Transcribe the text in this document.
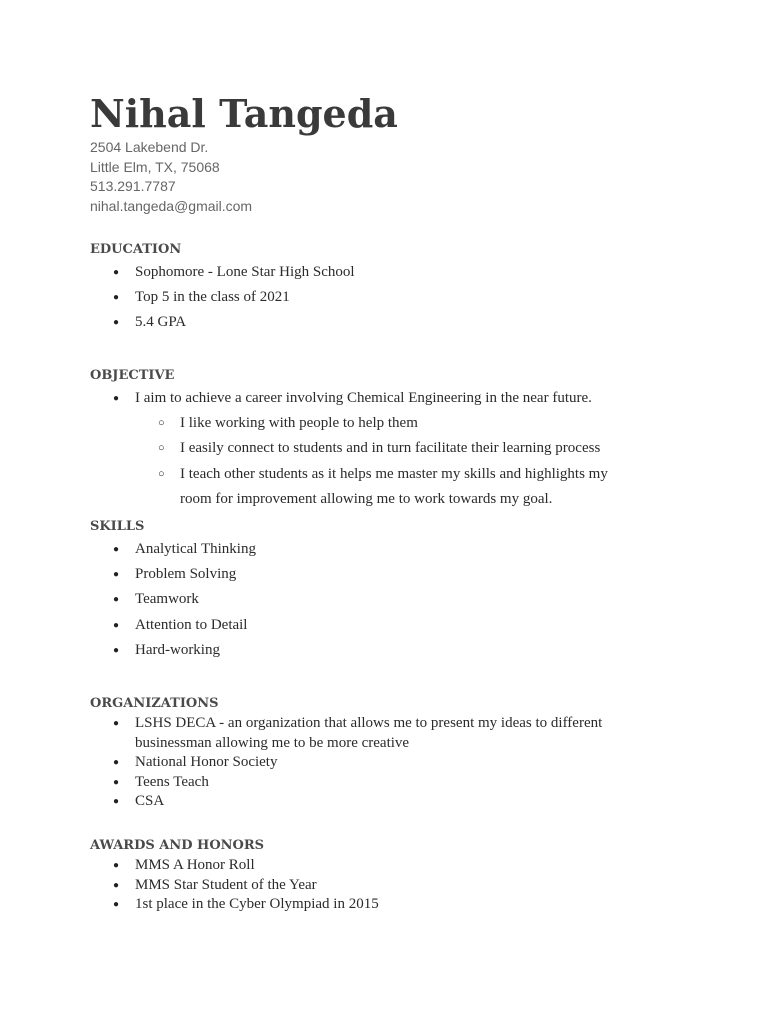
Nihal Tangeda
2504 Lakebend Dr.
Little Elm, TX, 75068
513.291.7787
nihal.tangeda@gmail.com
EDUCATION
● Sophomore - Lone Star High School
● Top 5 in the class of 2021
● 5.4 GPA
OBJECTIVE
● I aim to achieve a career involving Chemical Engineering in the near future.
○ I like working with people to help them
○ I easily connect to students and in turn facilitate their learning process
○ I teach other students as it helps me master my skills and highlights my room for improvement allowing me to work towards my goal.
SKILLS
● Analytical Thinking
● Problem Solving
● Teamwork
● Attention to Detail
● Hard-working
ORGANIZATIONS
● LSHS DECA - an organization that allows me to present my ideas to different businessman allowing me to be more creative
● National Honor Society
● Teens Teach
● CSA
AWARDS AND HONORS
● MMS A Honor Roll
● MMS Star Student of the Year
● 1st place in the Cyber Olympiad in 2015
